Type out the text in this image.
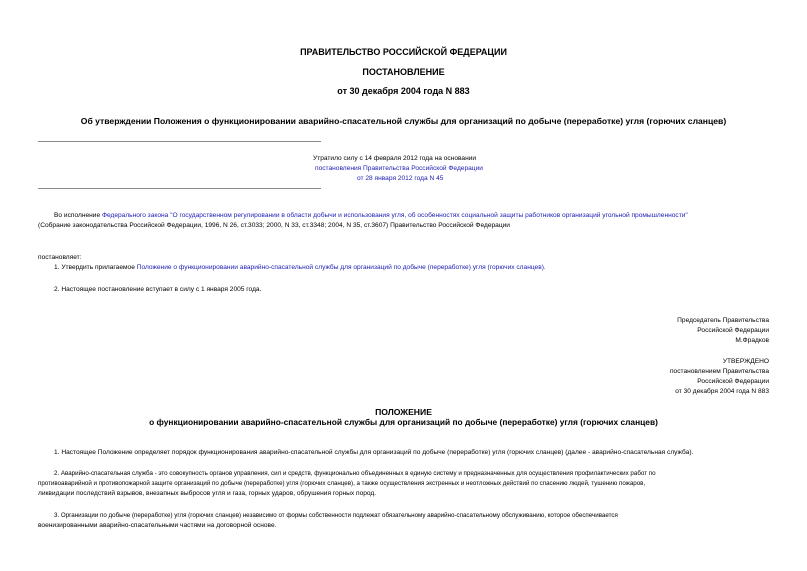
ПРАВИТЕЛЬСТВО РОССИЙСКОЙ ФЕДЕРАЦИИ
ПОСТАНОВЛЕНИЕ
от 30 декабря 2004 года N 883
Об утверждении Положения о функционировании аварийно-спасательной службы для организаций по добыче (переработке) угля (горючих сланцев)
Утратило силу с 14 февраля 2012 года на основании
постановления Правительства Российской Федерации
от 28 января 2012 года N 45
Во исполнение Федерального закона "О государственном регулировании в области добычи и использования угля, об особенностях социальной защиты работников организаций угольной промышленности"
(Собрание законодательства Российской Федерации, 1996, N 26, ст.3033; 2000, N 33, ст.3348; 2004, N 35, ст.3607) Правительство Российской Федерации
постановляет:
1. Утвердить прилагаемое Положение о функционировании аварийно-спасательной службы для организаций по добыче (переработке) угля (горючих сланцев).
2. Настоящее постановление вступает в силу с 1 января 2005 года.
Председатель Правительства
Российской Федерации
М.Фрадков
УТВЕРЖДЕНО
постановлением Правительства
Российской Федерации
от 30 декабря 2004 года N 883
ПОЛОЖЕНИЕ
о функционировании аварийно-спасательной службы для организаций по добыче (переработке) угля (горючих сланцев)
1. Настоящее Положение определяет порядок функционирования аварийно-спасательной службы для организаций по добыче (переработке) угля (горючих сланцев) (далее - аварийно-спасательная служба).
2. Аварийно-спасательная служба - это совокупность органов управления, сил и средств, функционально объединенных в единую систему и предназначенных для осуществления профилактических работ по
противоаварийной и противопожарной защите организаций по добыче (переработке) угля (горючих сланцев), а также осуществления экстренных и неотложных действий по спасению людей, тушению пожаров,
ликвидации последствий взрывов, внезапных выбросов угля и газа, горных ударов, обрушения горных пород.
3. Организации по добыче (переработке) угля (горючих сланцев) независимо от формы собственности подлежат обязательному аварийно-спасательному обслуживанию, которое обеспечивается
военизированными аварийно-спасательными частями на договорной основе.
